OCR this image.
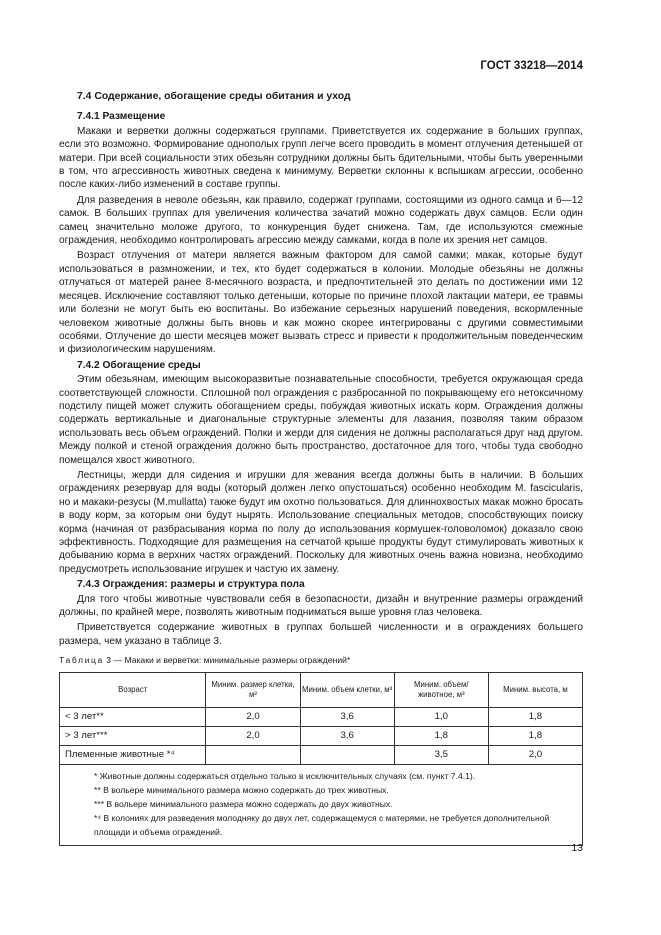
ГОСТ 33218—2014
7.4 Содержание, обогащение среды обитания и уход
7.4.1 Размещение

Макаки и верветки должны содержаться группами. Приветствуется их содержание в больших группах, если это возможно. Формирование однополых групп легче всего проводить в момент отлучения детенышей от матери. При всей социальности этих обезьян сотрудники должны быть бдительными, чтобы быть уверенными в том, что агрессивность животных сведена к минимуму. Верветки склонны к вспышкам агрессии, особенно после каких-либо изменений в составе группы.

Для разведения в неволе обезьян, как правило, содержат группами, состоящими из одного самца и 6—12 самок. В больших группах для увеличения количества зачатий можно содержать двух самцов. Если один самец значительно моложе другого, то конкуренция будет снижена. Там, где используются смежные ограждения, необходимо контролировать агрессию между самками, когда в поле их зрения нет самцов.

Возраст отлучения от матери является важным фактором для самой самки; макак, которые будут использоваться в размножении, и тех, кто будет содержаться в колонии. Молодые обезьяны не должны отлучаться от матерей ранее 8-месячного возраста, и предпочтительней это делать по достижении ими 12 месяцев. Исключение составляют только детеныши, которые по причине плохой лактации матери, ее травмы или болезни не могут быть ею воспитаны. Во избежание серьезных нарушений поведения, вскормленные человеком животные должны быть вновь и как можно скорее интегрированы с другими совместимыми особями. Отлучение до шести месяцев может вызвать стресс и привести к продолжительным поведенческим и физиологическим нарушениям.

7.4.2 Обогащение среды

Этим обезьянам, имеющим высокоразвитые познавательные способности, требуется окружающая среда соответствующей сложности. Сплошной пол ограждения с разбросанной по покрывающему его нетоксичному подстилу пищей может служить обогащением среды, побуждая животных искать корм. Ограждения должны содержать вертикальные и диагональные структурные элементы для лазания, позволяя таким образом использовать весь объем ограждений. Полки и жерди для сидения не должны располагаться друг над другом. Между полкой и стеной ограждения должно быть пространство, достаточное для того, чтобы туда свободно помещался хвост животного.

Лестницы, жерди для сидения и игрушки для жевания всегда должны быть в наличии. В больших ограждениях резервуар для воды (который должен легко опустошаться) особенно необходим M. fascicularis, но и макаки-резусы (M.mullatta) также будут им охотно пользоваться. Для длиннохвостых макак можно бросать в воду корм, за которым они будут нырять. Использование специальных методов, способствующих поиску корма (начиная от разбрасывания корма по полу до использования кормушек-головоломок) доказало свою эффективность. Подходящие для размещения на сетчатой крыше продукты будут стимулировать животных к добыванию корма в верхних частях ограждений. Поскольку для животных очень важна новизна, необходимо предусмотреть использование игрушек и частую их замену.

7.4.3 Ограждения: размеры и структура пола

Для того чтобы животные чувствовали себя в безопасности, дизайн и внутренние размеры ограждений должны, по крайней мере, позволять животным подниматься выше уровня глаз человека.

Приветствуется содержание животных в группах большей численности и в ограждениях большего размера, чем указано в таблице 3.

Таблица 3 — Макаки и верветки: минимальные размеры ограждений*
Возраст	Миним. размер клетки, м²	Миним. объем клетки, м³	Миним. объем/ животное, м³	Миним. высота, м
< 3 лет**	2,0	3,6	1,0	1,8
> 3 лет***	2,0	3,6	1,8	1,8
Племенные животные *⁴			3,5	2,0

* Животные должны содержаться отдельно только в исключительных случаях (см. пункт 7.4.1).
** В вольере минимального размера можно содержать до трех животных.
*** В вольере минимального размера можно содержать до двух животных.
*⁴ В колониях для разведения молодняку до двух лет, содержащемуся с матерями, не требуется дополнительной площади и объема ограждений.				
13
